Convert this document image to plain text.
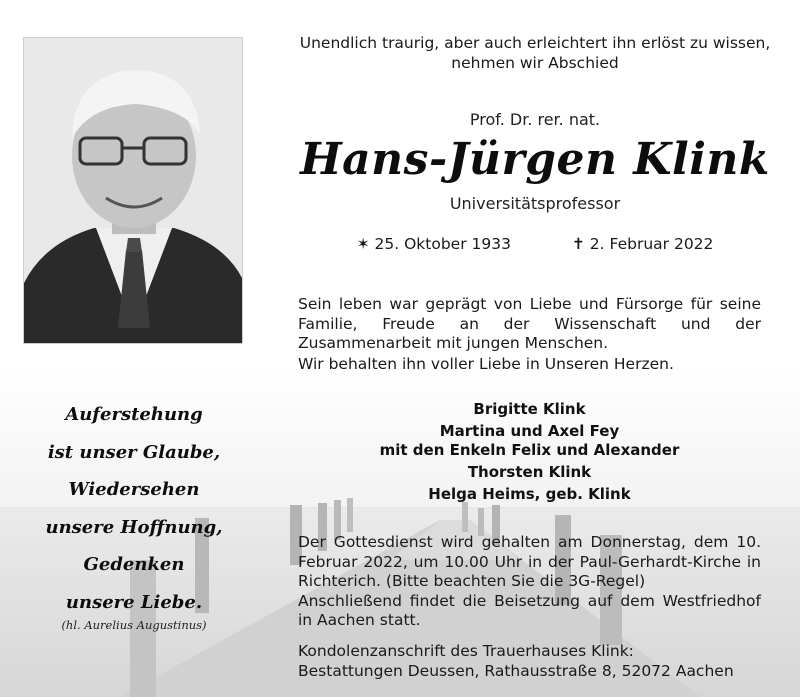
Unendlich traurig, aber auch erleichtert ihn erlöst zu wissen,
nehmen wir Abschied
Prof. Dr. rer. nat.
Hans-Jürgen Klink
Universitätsprofessor
✶ 25. Oktober 1933	✝ 2. Februar 2022

Sein leben war geprägt von Liebe und Fürsorge für seine Familie, Freude an der Wissenschaft und der Zusammenarbeit mit jungen Menschen.

Wir behalten ihn voller Liebe in Unseren Herzen.

Brigitte Klink
Martina und Axel Fey
mit den Enkeln Felix und Alexander
Thorsten Klink
Helga Heims, geb. Klink
Der Gottesdienst wird gehalten am Donnerstag, dem 10. Februar 2022, um 10.00 Uhr in der Paul-Gerhardt-Kirche in Richterich. (Bitte beachten Sie die 3G-Regel)
Anschließend findet die Beisetzung auf dem Westfriedhof in Aachen statt.
Kondolenzanschrift des Trauerhauses Klink:
Bestattungen Deussen, Rathausstraße 8, 52072 Aachen
Auferstehung
ist unser Glaube,
Wiedersehen
unsere Hoffnung,
Gedenken
unsere Liebe.
(hl. Aurelius Augustinus)
